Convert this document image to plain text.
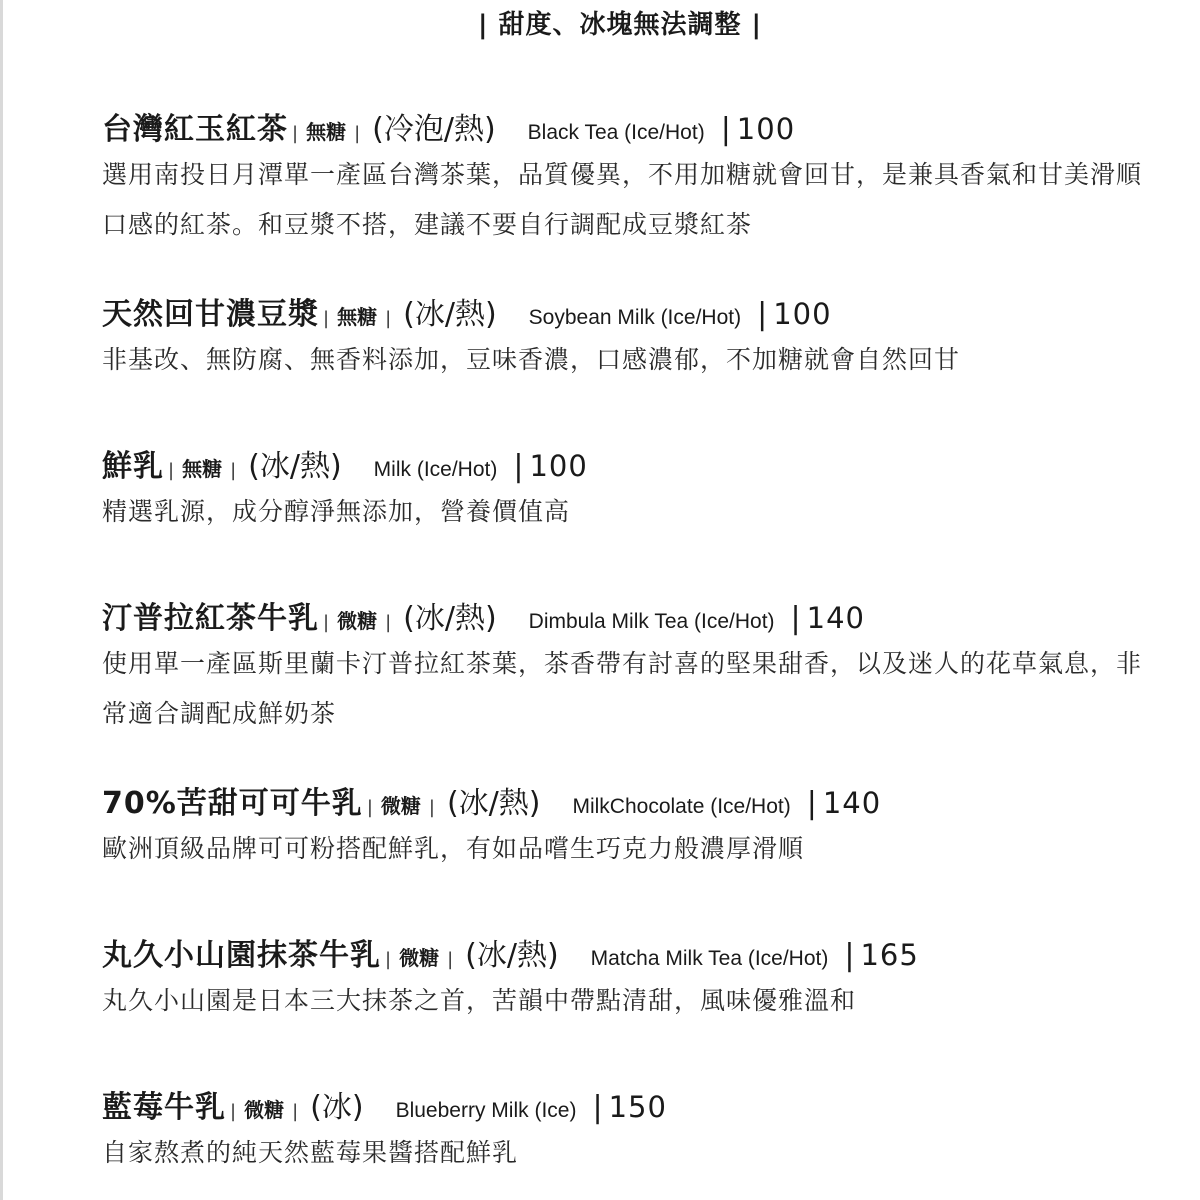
| 甜度、冰塊無法調整 |
台灣紅玉紅茶 | 無糖 | (冷泡/熱) Black Tea (Ice/Hot) | 100
選用南投日月潭單一產區台灣茶葉，品質優異，不用加糖就會回甘，是兼具香氣和甘美滑順口感的紅茶。和豆漿不搭，建議不要自行調配成豆漿紅茶
天然回甘濃豆漿 | 無糖 | (冰/熱) Soybean Milk (Ice/Hot) | 100
非基改、無防腐、無香料添加，豆味香濃，口感濃郁，不加糖就會自然回甘
鮮乳 | 無糖 | (冰/熱) Milk (Ice/Hot) | 100
精選乳源，成分醇淨無添加，營養價值高
汀普拉紅茶牛乳 | 微糖 | (冰/熱) Dimbula Milk Tea (Ice/Hot) | 140
使用單一產區斯里蘭卡汀普拉紅茶葉，茶香帶有討喜的堅果甜香，以及迷人的花草氣息，非常適合調配成鮮奶茶
70%苦甜可可牛乳 | 微糖 | (冰/熱) MilkChocolate (Ice/Hot) | 140
歐洲頂級品牌可可粉搭配鮮乳，有如品嚐生巧克力般濃厚滑順
丸久小山園抹茶牛乳 | 微糖 | (冰/熱) Matcha Milk Tea (Ice/Hot) | 165
丸久小山園是日本三大抹茶之首，苦韻中帶點清甜，風味優雅溫和
藍莓牛乳 | 微糖 | (冰) Blueberry Milk (Ice) | 150
自家熬煮的純天然藍莓果醬搭配鮮乳
